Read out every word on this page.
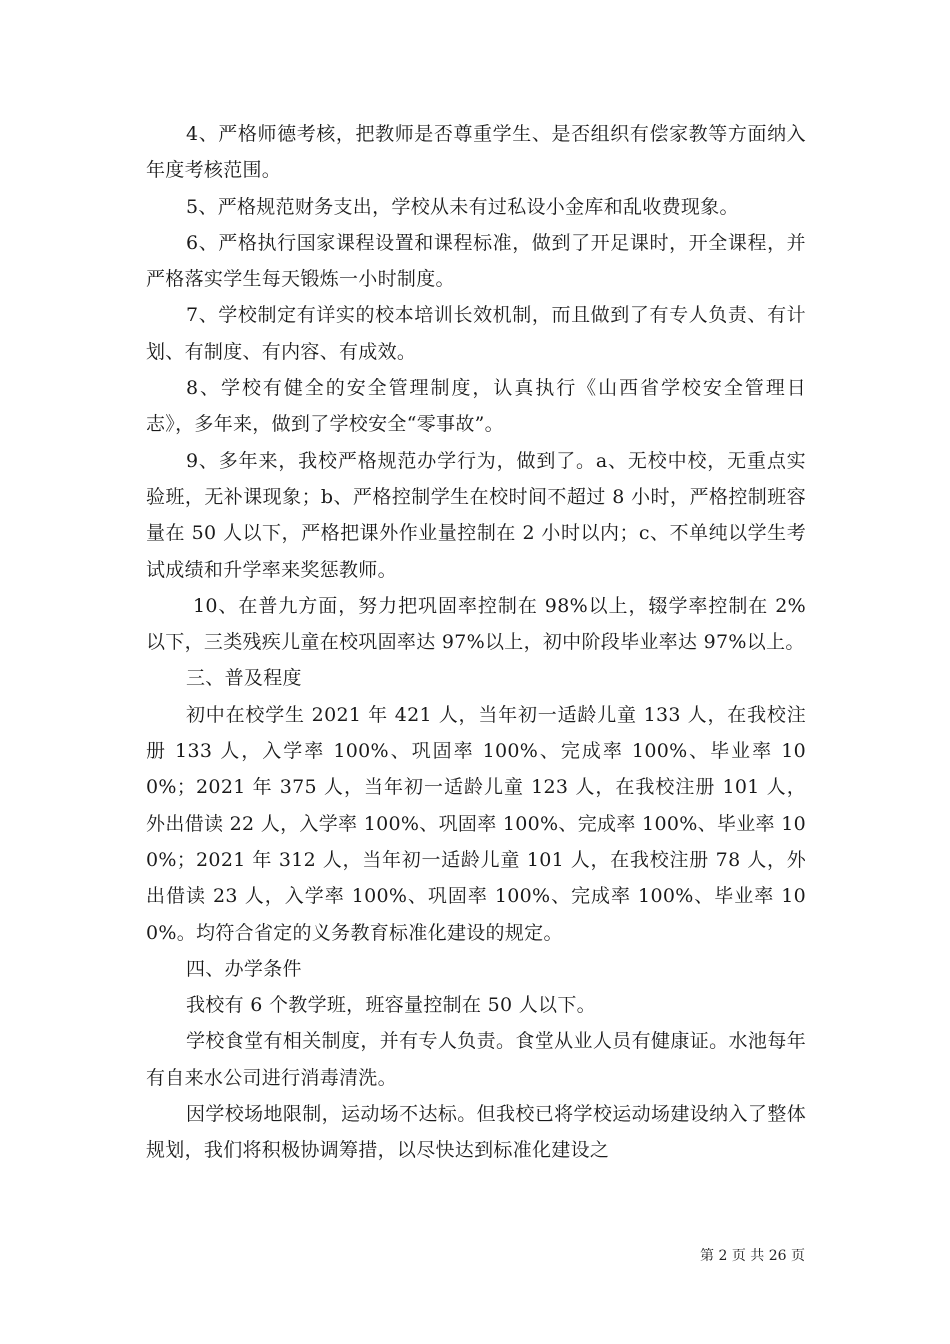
4、严格师德考核，把教师是否尊重学生、是否组织有偿家教等方面纳入年度考核范围。

5、严格规范财务支出，学校从未有过私设小金库和乱收费现象。

6、严格执行国家课程设置和课程标准，做到了开足课时，开全课程，并严格落实学生每天锻炼一小时制度。

7、学校制定有详实的校本培训长效机制，而且做到了有专人负责、有计划、有制度、有内容、有成效。

8、学校有健全的安全管理制度，认真执行《山西省学校安全管理日志》，多年来，做到了学校安全“零事故”。

9、多年来，我校严格规范办学行为，做到了。a、无校中校，无重点实验班，无补课现象；b、严格控制学生在校时间不超过 8 小时，严格控制班容量在 50 人以下，严格把课外作业量控制在 2 小时以内；c、不单纯以学生考试成绩和升学率来奖惩教师。

10、在普九方面，努力把巩固率控制在 98%以上，辍学率控制在 2%以下，三类残疾儿童在校巩固率达 97%以上，初中阶段毕业率达 97%以上。

三、普及程度

初中在校学生 2021 年 421 人，当年初一适龄儿童 133 人，在我校注册 133 人，入学率 100%、巩固率 100%、完成率 100%、毕业率 100%；2021 年 375 人，当年初一适龄儿童 123 人，在我校注册 101 人，外出借读 22 人，入学率 100%、巩固率 100%、完成率 100%、毕业率 100%；2021 年 312 人，当年初一适龄儿童 101 人，在我校注册 78 人，外出借读 23 人，入学率 100%、巩固率 100%、完成率 100%、毕业率 100%。均符合省定的义务教育标准化建设的规定。

四、办学条件

我校有 6 个教学班，班容量控制在 50 人以下。

学校食堂有相关制度，并有专人负责。食堂从业人员有健康证。水池每年有自来水公司进行消毒清洗。

因学校场地限制，运动场不达标。但我校已将学校运动场建设纳入了整体规划，我们将积极协调筹措，以尽快达到标准化建设之

第 2 页 共 26 页
